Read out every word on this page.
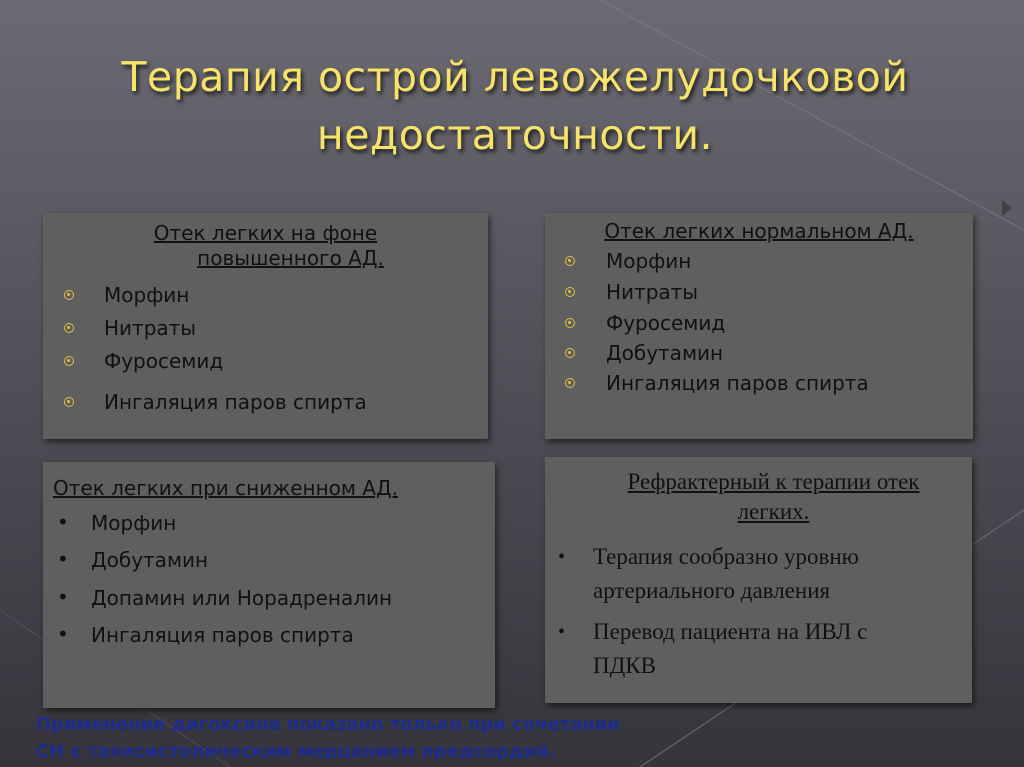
Терапия острой левожелудочковой
недостаточности.
Отек легких на фоне
повышенного АД.
Морфин
Нитраты
Фуросемид
Ингаляция паров спирта
Отек легких нормальном АД.
Морфин
Нитраты
Фуросемид
Добутамин
Ингаляция паров спирта
Отек легких при сниженном АД.
• Морфин
• Добутамин
• Допамин или Норадреналин
• Ингаляция паров спирта
Рефрактерный к терапии отек
легких.
•	Терапия сообразно уровню
артериального давления
•	Перевод пациента на ИВЛ с
ПДКВ
Применение дигоксина показано только при сочетании
СН с тахисистолическим мерцанием предсердий.
